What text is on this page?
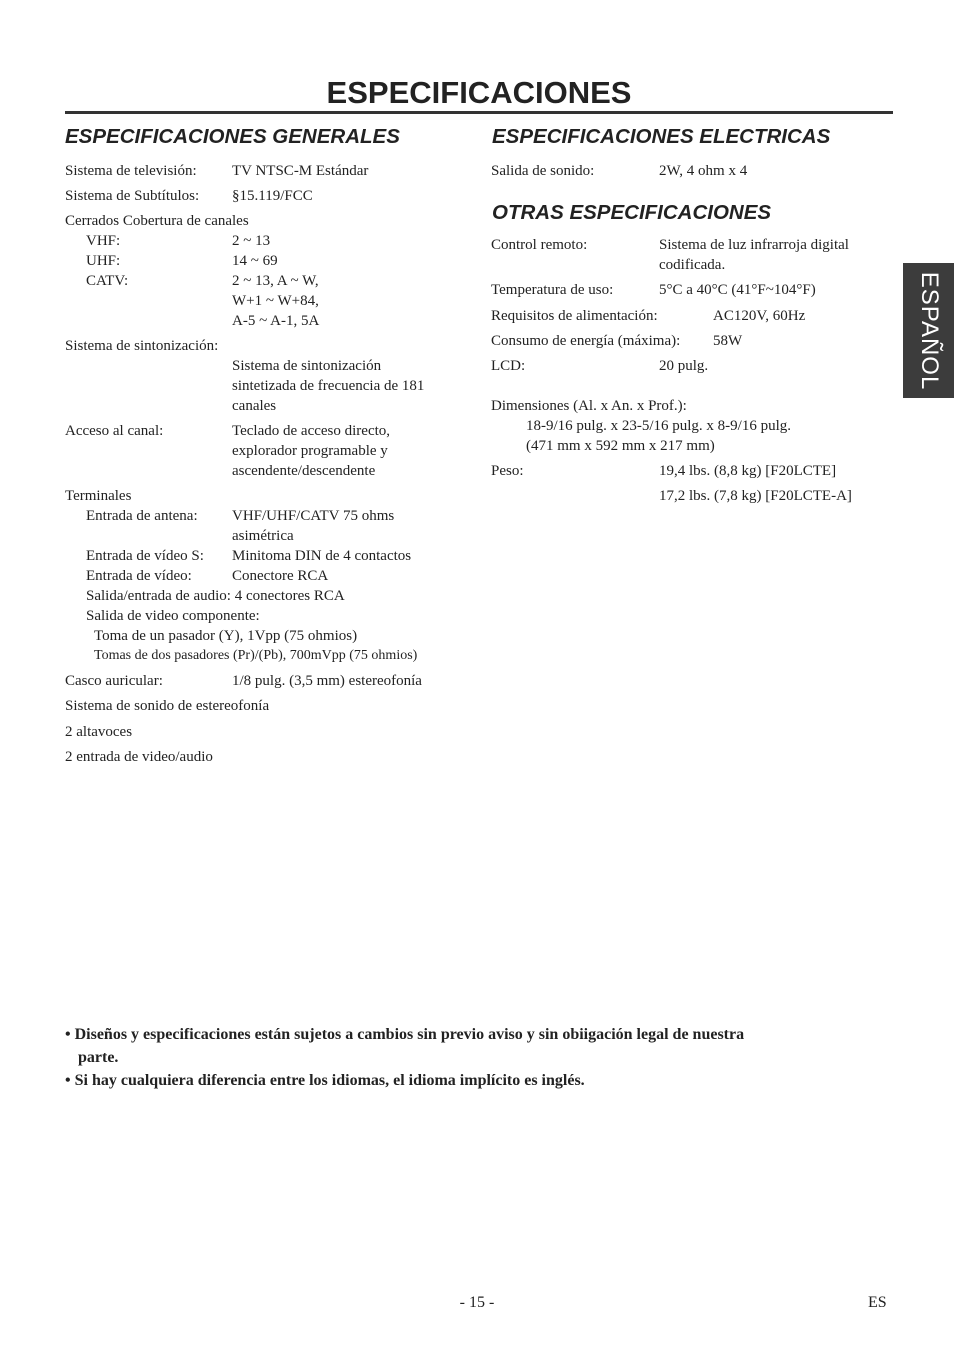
ESPECIFICACIONES
ESPAÑOL
ESPECIFICACIONES GENERALES
Sistema de televisión: TV NTSC-M Estándar
Sistema de Subtítulos: §15.119/FCC
Cerrados Cobertura de canales
VHF:	2 ~ 13
UHF:	14 ~ 69
CATV:	2 ~ 13, A ~ W,
W+1 ~ W+84,
A-5 ~ A-1, 5A
Sistema de sintonización:
Sistema de sintonización
sintetizada de frecuencia de 181
canales
Acceso al canal:	Teclado de acceso directo,
explorador programable y
ascendente/descendente
Terminales
Entrada de antena: VHF/UHF/CATV 75 ohms
asimétrica
Entrada de vídeo S: Minitoma DIN de 4 contactos
Entrada de vídeo:	Conectore RCA
Salida/entrada de audio: 4 conectores RCA
Salida de video componente:
Toma de un pasador (Y), 1Vpp (75 ohmios)
Tomas de dos pasadores (Pr)/(Pb), 700mVpp (75 ohmios)
Casco auricular:	1/8 pulg. (3,5 mm) estereofonía
Sistema de sonido de estereofonía
2 altavoces
2 entrada de video/audio
ESPECIFICACIONES ELECTRICAS
Salida de sonido:	2W, 4 ohm x 4
OTRAS ESPECIFICACIONES
Control remoto:	Sistema de luz infrarroja digital
codificada.
Temperatura de uso:	5°C a 40°C (41°F~104°F)
Requisitos de alimentación:	AC120V, 60Hz
Consumo de energía (máxima): 58W
LCD:	20 pulg.
Dimensiones (Al. x An. x Prof.):
18-9/16 pulg. x 23-5/16 pulg. x 8-9/16 pulg.
(471 mm x 592 mm x 217 mm)
Peso:	19,4 lbs. (8,8 kg) [F20LCTE]
17,2 lbs. (7,8 kg) [F20LCTE-A]
• Diseños y especificaciones están sujetos a cambios sin previo aviso y sin obiigación legal de nuestra
parte.
• Si hay cualquiera diferencia entre los idiomas, el idioma implícito es inglés.
- 15 -	ES
